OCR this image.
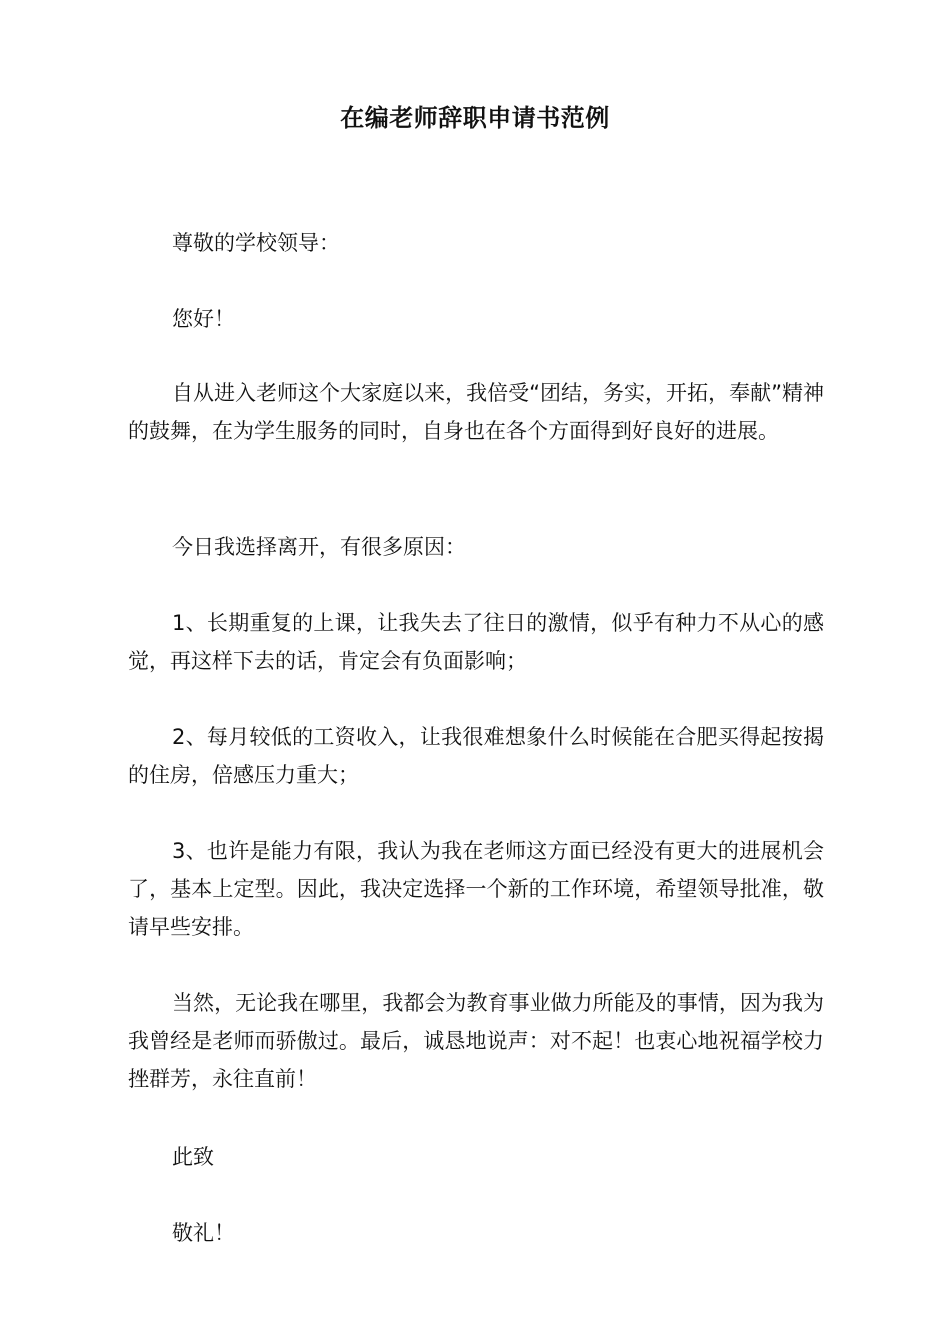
在编老师辞职申请书范例

尊敬的学校领导：

您好！

自从进入老师这个大家庭以来，我倍受“团结，务实，开拓，奉献”精神的鼓舞，在为学生服务的同时，自身也在各个方面得到好良好的进展。

今日我选择离开，有很多原因：

1、长期重复的上课，让我失去了往日的激情，似乎有种力不从心的感觉，再这样下去的话，肯定会有负面影响；

2、每月较低的工资收入，让我很难想象什么时候能在合肥买得起按揭的住房，倍感压力重大；

3、也许是能力有限，我认为我在老师这方面已经没有更大的进展机会了，基本上定型。因此，我决定选择一个新的工作环境，希望领导批准，敬请早些安排。

当然，无论我在哪里，我都会为教育事业做力所能及的事情，因为我为我曾经是老师而骄傲过。最后，诚恳地说声：对不起！也衷心地祝福学校力挫群芳，永往直前！

此致

敬礼！
